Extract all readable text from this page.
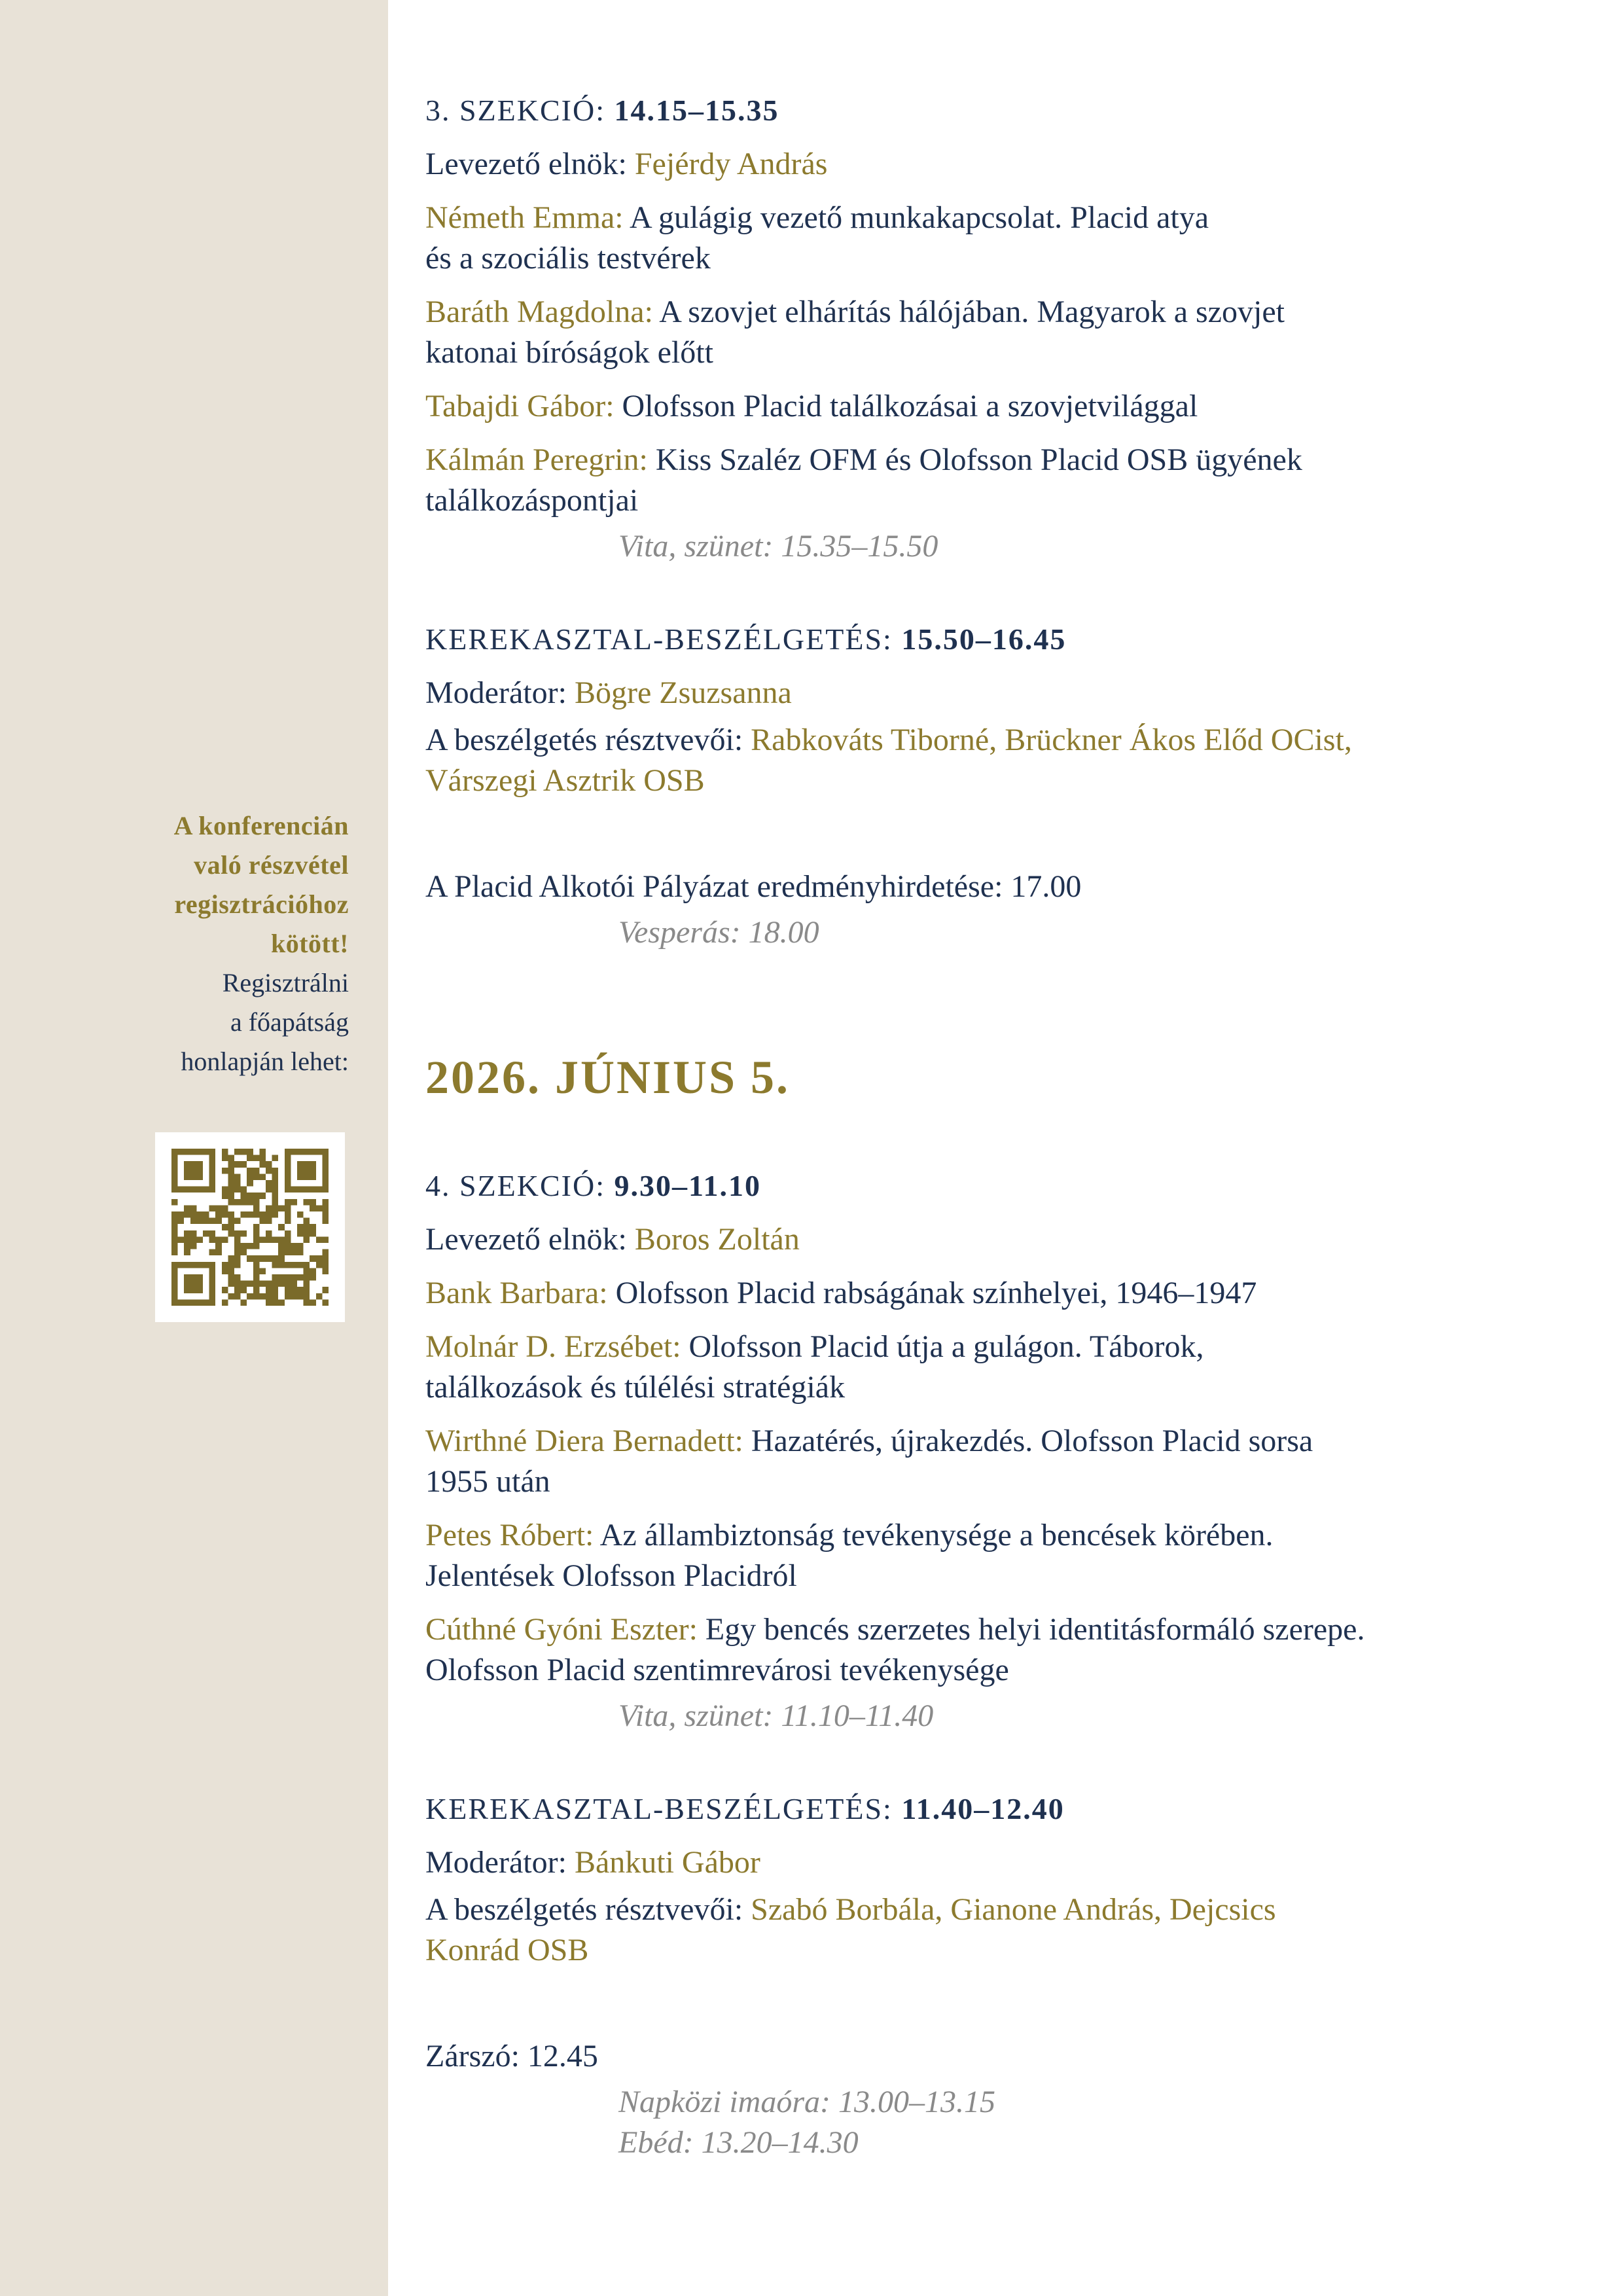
A konferencián
való részvétel
regisztrációhoz
kötött!
Regisztrálni
a főapátság
honlapján lehet:
3. SZEKCIÓ: 14.15–15.35
Levezető elnök: Fejérdy András
Németh Emma: A gulágig vezető munkakapcsolat. Placid atya
és a szociális testvérek
Baráth Magdolna: A szovjet elhárítás hálójában. Magyarok a szovjet
katonai bíróságok előtt
Tabajdi Gábor: Olofsson Placid találkozásai a szovjetvilággal
Kálmán Peregrin: Kiss Szaléz OFM és Olofsson Placid OSB ügyének
találkozáspontjai
Vita, szünet: 15.35–15.50
KEREKASZTAL-BESZÉLGETÉS: 15.50–16.45
Moderátor: Bögre Zsuzsanna
A beszélgetés résztvevői: Rabkováts Tiborné, Brückner Ákos Előd OCist,
Várszegi Asztrik OSB
A Placid Alkotói Pályázat eredményhirdetése: 17.00
Vesperás: 18.00
2026. JÚNIUS 5.
4. SZEKCIÓ: 9.30–11.10
Levezető elnök: Boros Zoltán
Bank Barbara: Olofsson Placid rabságának színhelyei, 1946–1947
Molnár D. Erzsébet: Olofsson Placid útja a gulágon. Táborok,
találkozások és túlélési stratégiák
Wirthné Diera Bernadett: Hazatérés, újrakezdés. Olofsson Placid sorsa
1955 után
Petes Róbert: Az állambiztonság tevékenysége a bencések körében.
Jelentések Olofsson Placidról
Cúthné Gyóni Eszter: Egy bencés szerzetes helyi identitásformáló szerepe.
Olofsson Placid szentimrevárosi tevékenysége
Vita, szünet: 11.10–11.40
KEREKASZTAL-BESZÉLGETÉS: 11.40–12.40
Moderátor: Bánkuti Gábor
A beszélgetés résztvevői: Szabó Borbála, Gianone András, Dejcsics
Konrád OSB
Zárszó: 12.45
Napközi imaóra: 13.00–13.15
Ebéd: 13.20–14.30
